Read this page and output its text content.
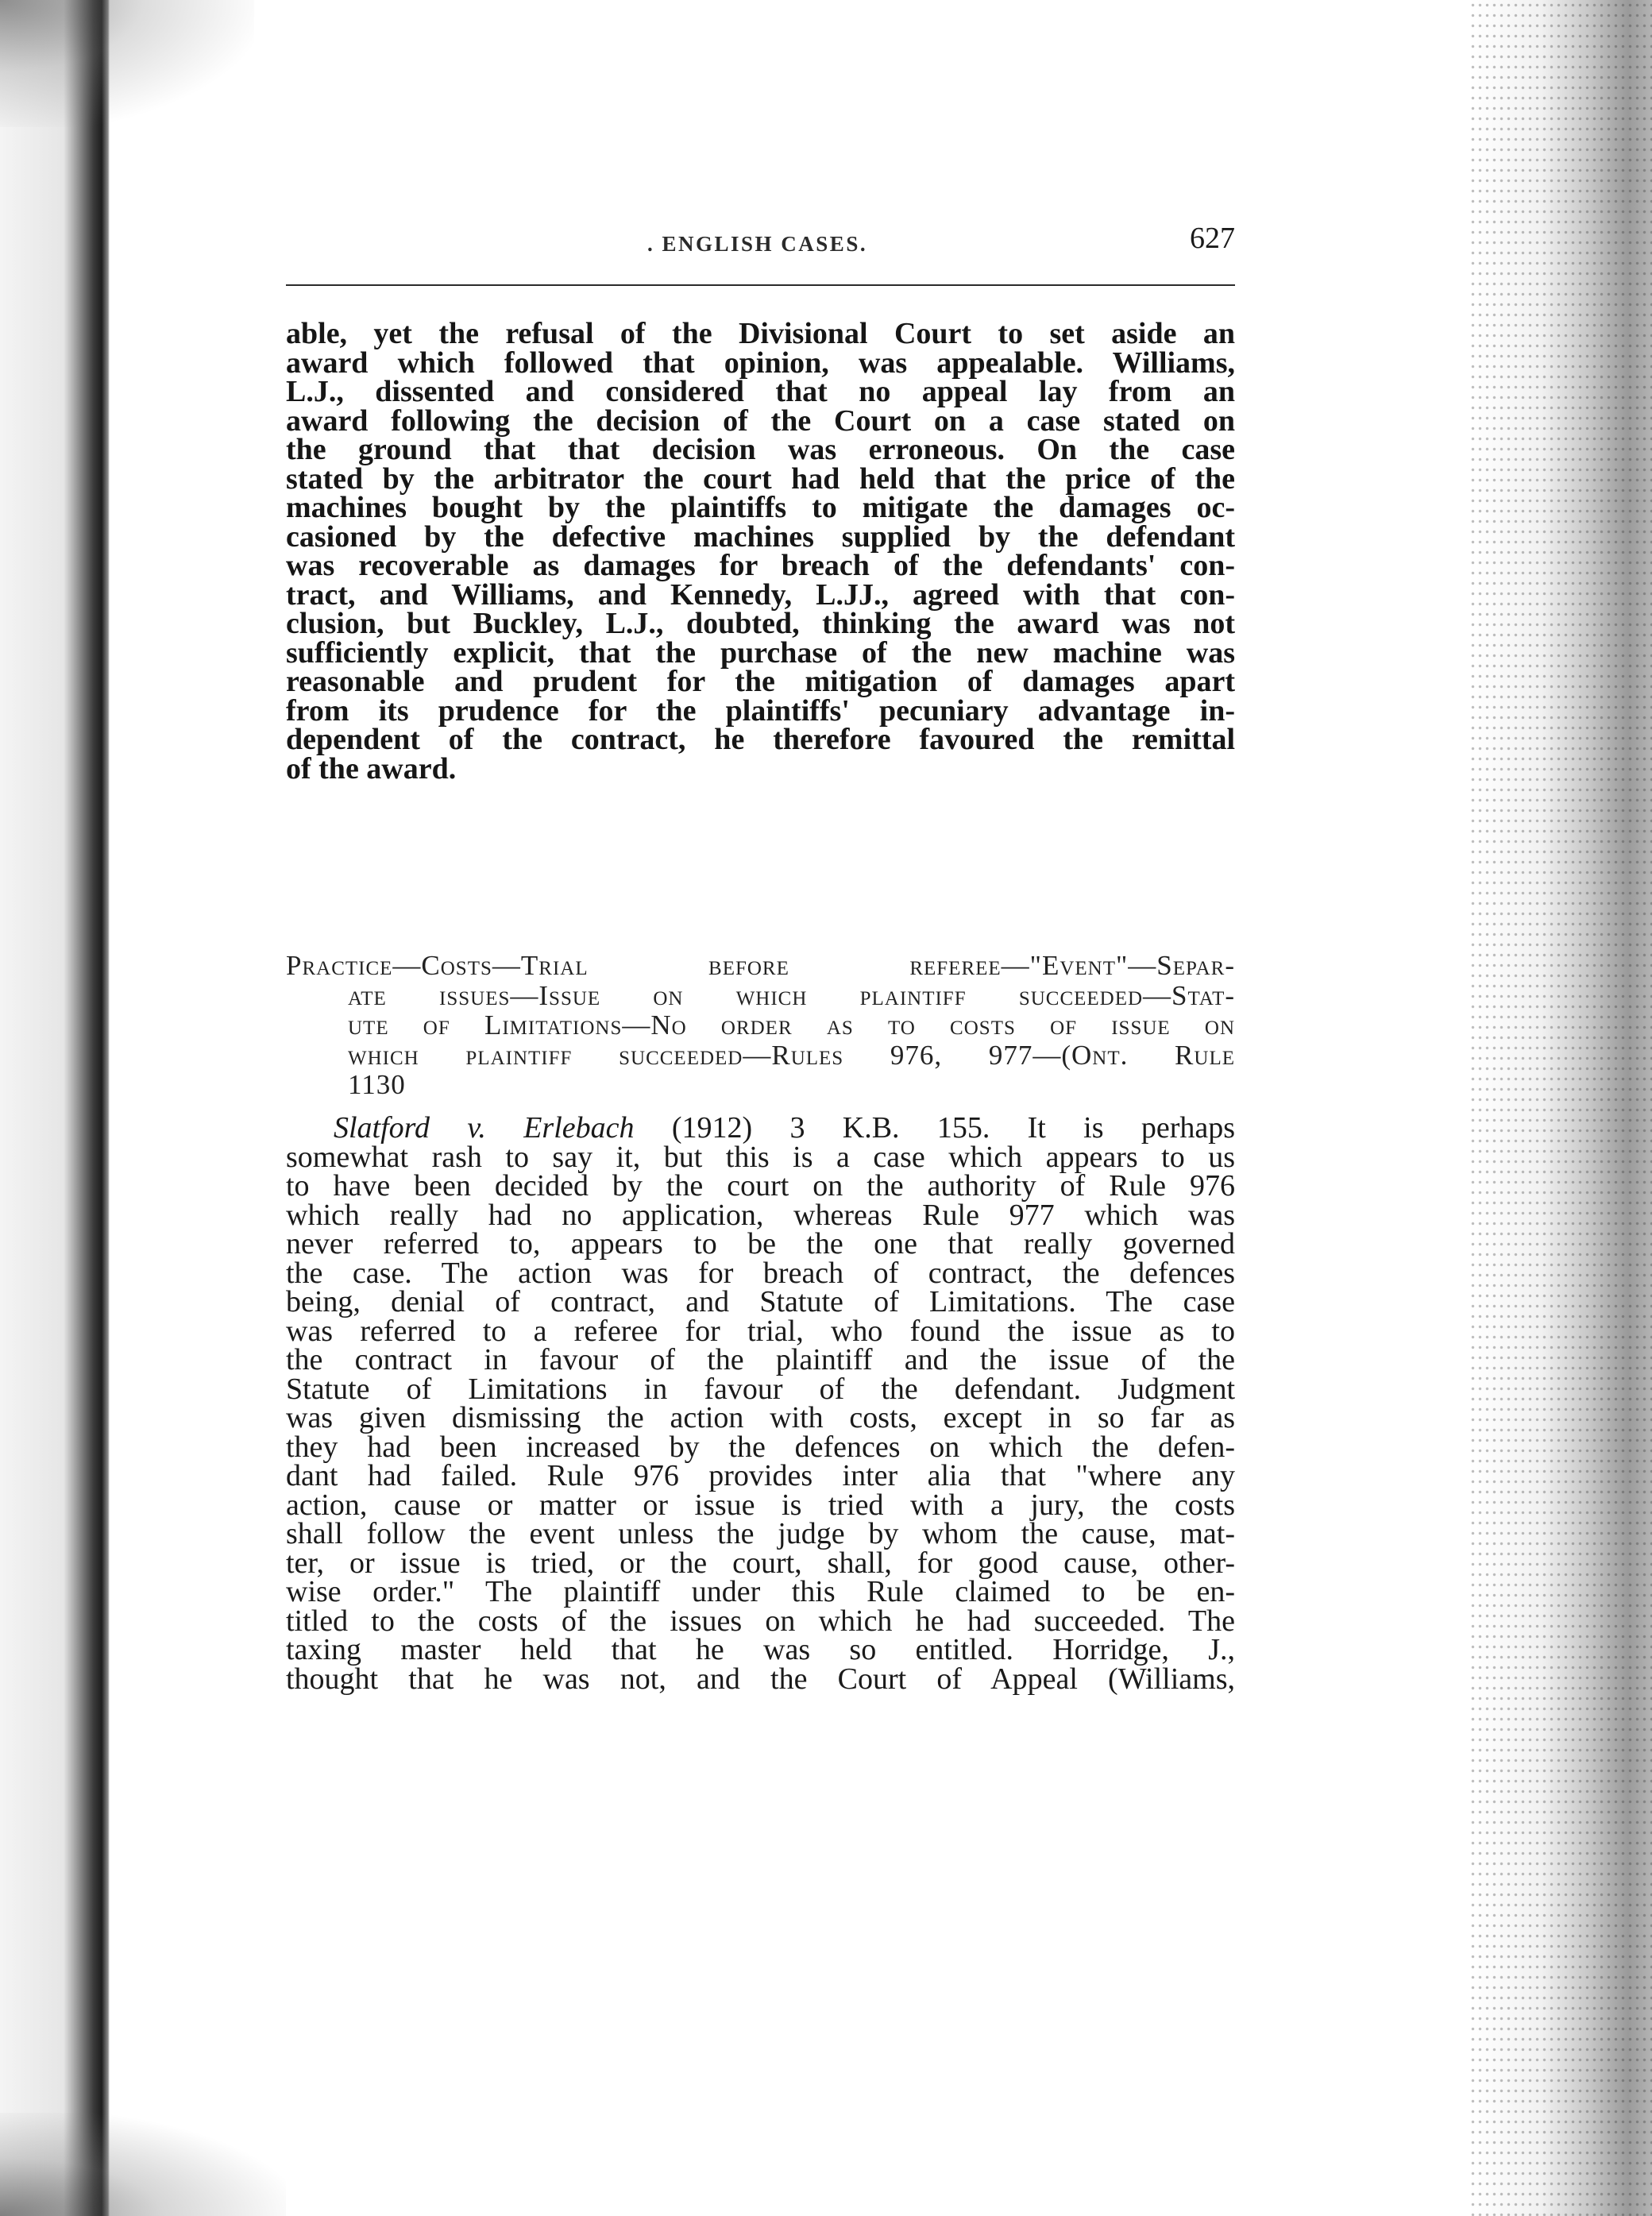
. ENGLISH CASES.	627
able, yet the refusal of the Divisional Court to set aside an
award which followed that opinion, was appealable. Williams,
L.J., dissented and considered that no appeal lay from an
award following the decision of the Court on a case stated on
the ground that that decision was erroneous. On the case
stated by the arbitrator the court had held that the price of the
machines bought by the plaintiffs to mitigate the damages oc-
casioned by the defective machines supplied by the defendant
was recoverable as damages for breach of the defendants' con-
tract, and Williams, and Kennedy, L.JJ., agreed with that con-
clusion, but Buckley, L.J., doubted, thinking the award was not
sufficiently explicit, that the purchase of the new machine was
reasonable and prudent for the mitigation of damages apart
from its prudence for the plaintiffs' pecuniary advantage in-
dependent of the contract, he therefore favoured the remittal
of the award.
Practice—Costs—Trial before referee—"Event"—Separ-
ate issues—Issue on which plaintiff succeeded—Stat-
ute of Limitations—No order as to costs of issue on
which plaintiff succeeded—Rules 976, 977—(Ont. Rule
1130
Slatford v. Erlebach (1912) 3 K.B. 155. It is perhaps
somewhat rash to say it, but this is a case which appears to us
to have been decided by the court on the authority of Rule 976
which really had no application, whereas Rule 977 which was
never referred to, appears to be the one that really governed
the case. The action was for breach of contract, the defences
being, denial of contract, and Statute of Limitations. The case
was referred to a referee for trial, who found the issue as to
the contract in favour of the plaintiff and the issue of the
Statute of Limitations in favour of the defendant. Judgment
was given dismissing the action with costs, except in so far as
they had been increased by the defences on which the defen-
dant had failed. Rule 976 provides inter alia that "where any
action, cause or matter or issue is tried with a jury, the costs
shall follow the event unless the judge by whom the cause, mat-
ter, or issue is tried, or the court, shall, for good cause, other-
wise order." The plaintiff under this Rule claimed to be en-
titled to the costs of the issues on which he had succeeded. The
taxing master held that he was so entitled. Horridge, J.,
thought that he was not, and the Court of Appeal (Williams,
